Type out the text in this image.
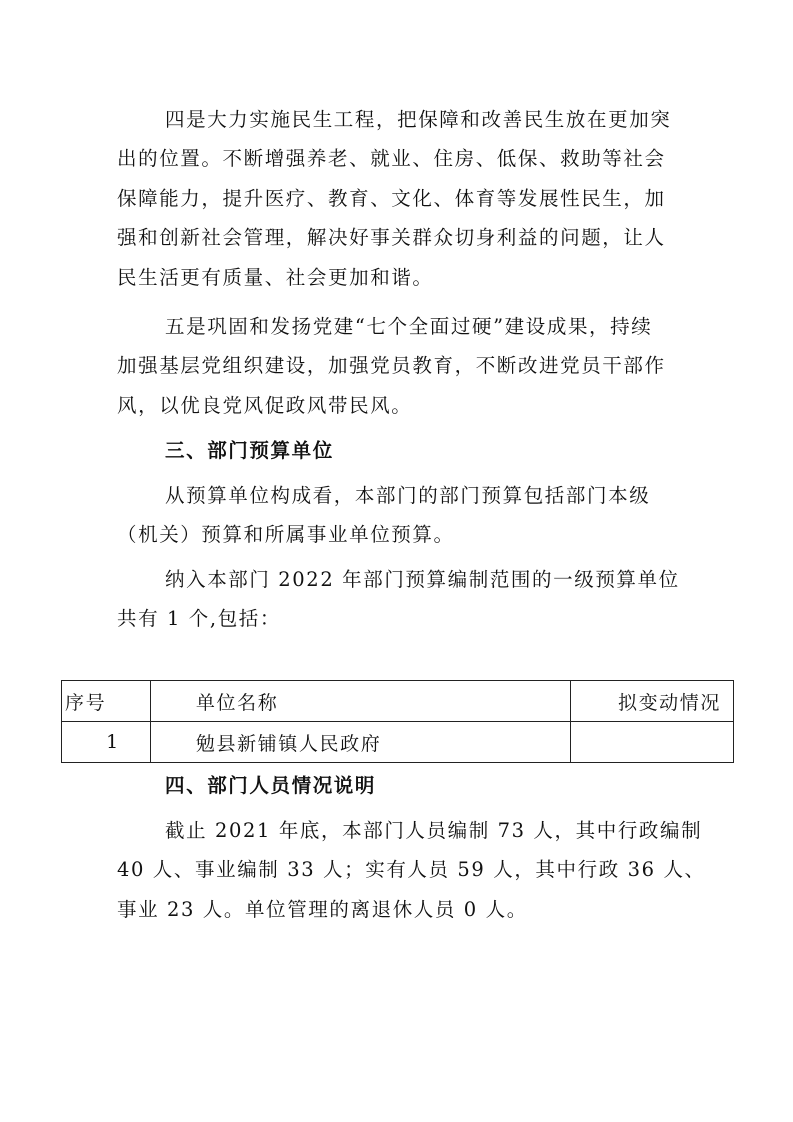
四是大力实施民生工程，把保障和改善民生放在更加突
出的位置。不断增强养老、就业、住房、低保、救助等社会
保障能力，提升医疗、教育、文化、体育等发展性民生，加
强和创新社会管理，解决好事关群众切身利益的问题，让人
民生活更有质量、社会更加和谐。
五是巩固和发扬党建“七个全面过硬”建设成果，持续
加强基层党组织建设，加强党员教育，不断改进党员干部作
风，以优良党风促政风带民风。
三、部门预算单位
从预算单位构成看，本部门的部门预算包括部门本级
（机关）预算和所属事业单位预算。
纳入本部门 2022 年部门预算编制范围的一级预算单位
共有 1 个,包括：
序号	单位名称	拟变动情况
1	勉县新铺镇人民政府	
四、部门人员情况说明
截止 2021 年底，本部门人员编制 73 人，其中行政编制
40 人、事业编制 33 人；实有人员 59 人，其中行政 36 人、
事业 23 人。单位管理的离退休人员 0 人。
